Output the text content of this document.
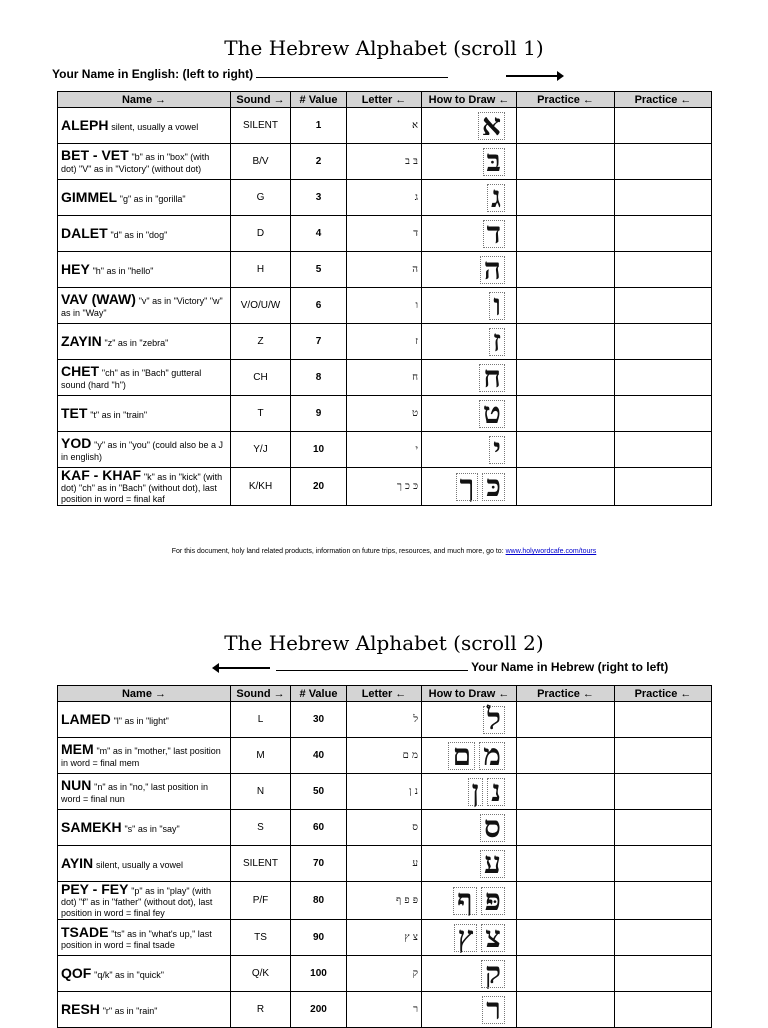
The Hebrew Alphabet (scroll 1)
Your Name in English: (left to right)
Name →	Sound →	# Value	Letter ←	How to Draw ←	Practice ←	Practice ←
ALEPH silent, usually a vowel	SILENT	1	א	א		

BET - VET "b" as in "box" (with dot) "V" as in "Victory" (without dot)	B/V	2	בּ ב	בּ		

GIMMEL "g" as in "gorilla"	G	3	ג	ג		

DALET "d" as in "dog"	D	4	ד	ד		

HEY "h" as in "hello"	H	5	ה	ה		

VAV (WAW) "v" as in "Victory" "w" as in "Way"	V/O/U/W	6	ו	ו		

ZAYIN "z" as in "zebra"	Z	7	ז	ז		

CHET "ch" as in "Bach" gutteral sound (hard "h")	CH	8	ח	ח		

TET "t" as in "train"	T	9	ט	ט		

YOD "y" as in "you" (could also be a J in english)	Y/J	10	י	י		

KAF - KHAF "k" as in "kick" (with dot) "ch" as in "Bach" (without dot), last position in word = final kaf	K/KH	20	כּ כ ך	ך כּ		

For this document, holy land related products, information on future trips, resources, and much more, go to: www.holywordcafe.com/tours
The Hebrew Alphabet (scroll 2)
Your Name in Hebrew (right to left)
Name →	Sound →	# Value	Letter ←	How to Draw ←	Practice ←	Practice ←
LAMED "l" as in "light"	L	30	ל	ל		

MEM "m" as in "mother," last position in word = final mem	M	40	מ ם	ם מ		

NUN "n" as in "no," last position in word = final nun	N	50	נ ן	ן נ		

SAMEKH "s" as in "say"	S	60	ס	ס		

AYIN silent, usually a vowel	SILENT	70	ע	ע		

PEY - FEY "p" as in "play" (with dot) "f" as in "father" (without dot), last position in word = final fey	P/F	80	פּ פ ף	ף פּ		

TSADE "ts" as in "what's up," last position in word = final tsade	TS	90	צ ץ	ץ צ		

QOF "q/k" as in "quick"	Q/K	100	ק	ק		

RESH "r" as in "rain"	R	200	ר	ר		
